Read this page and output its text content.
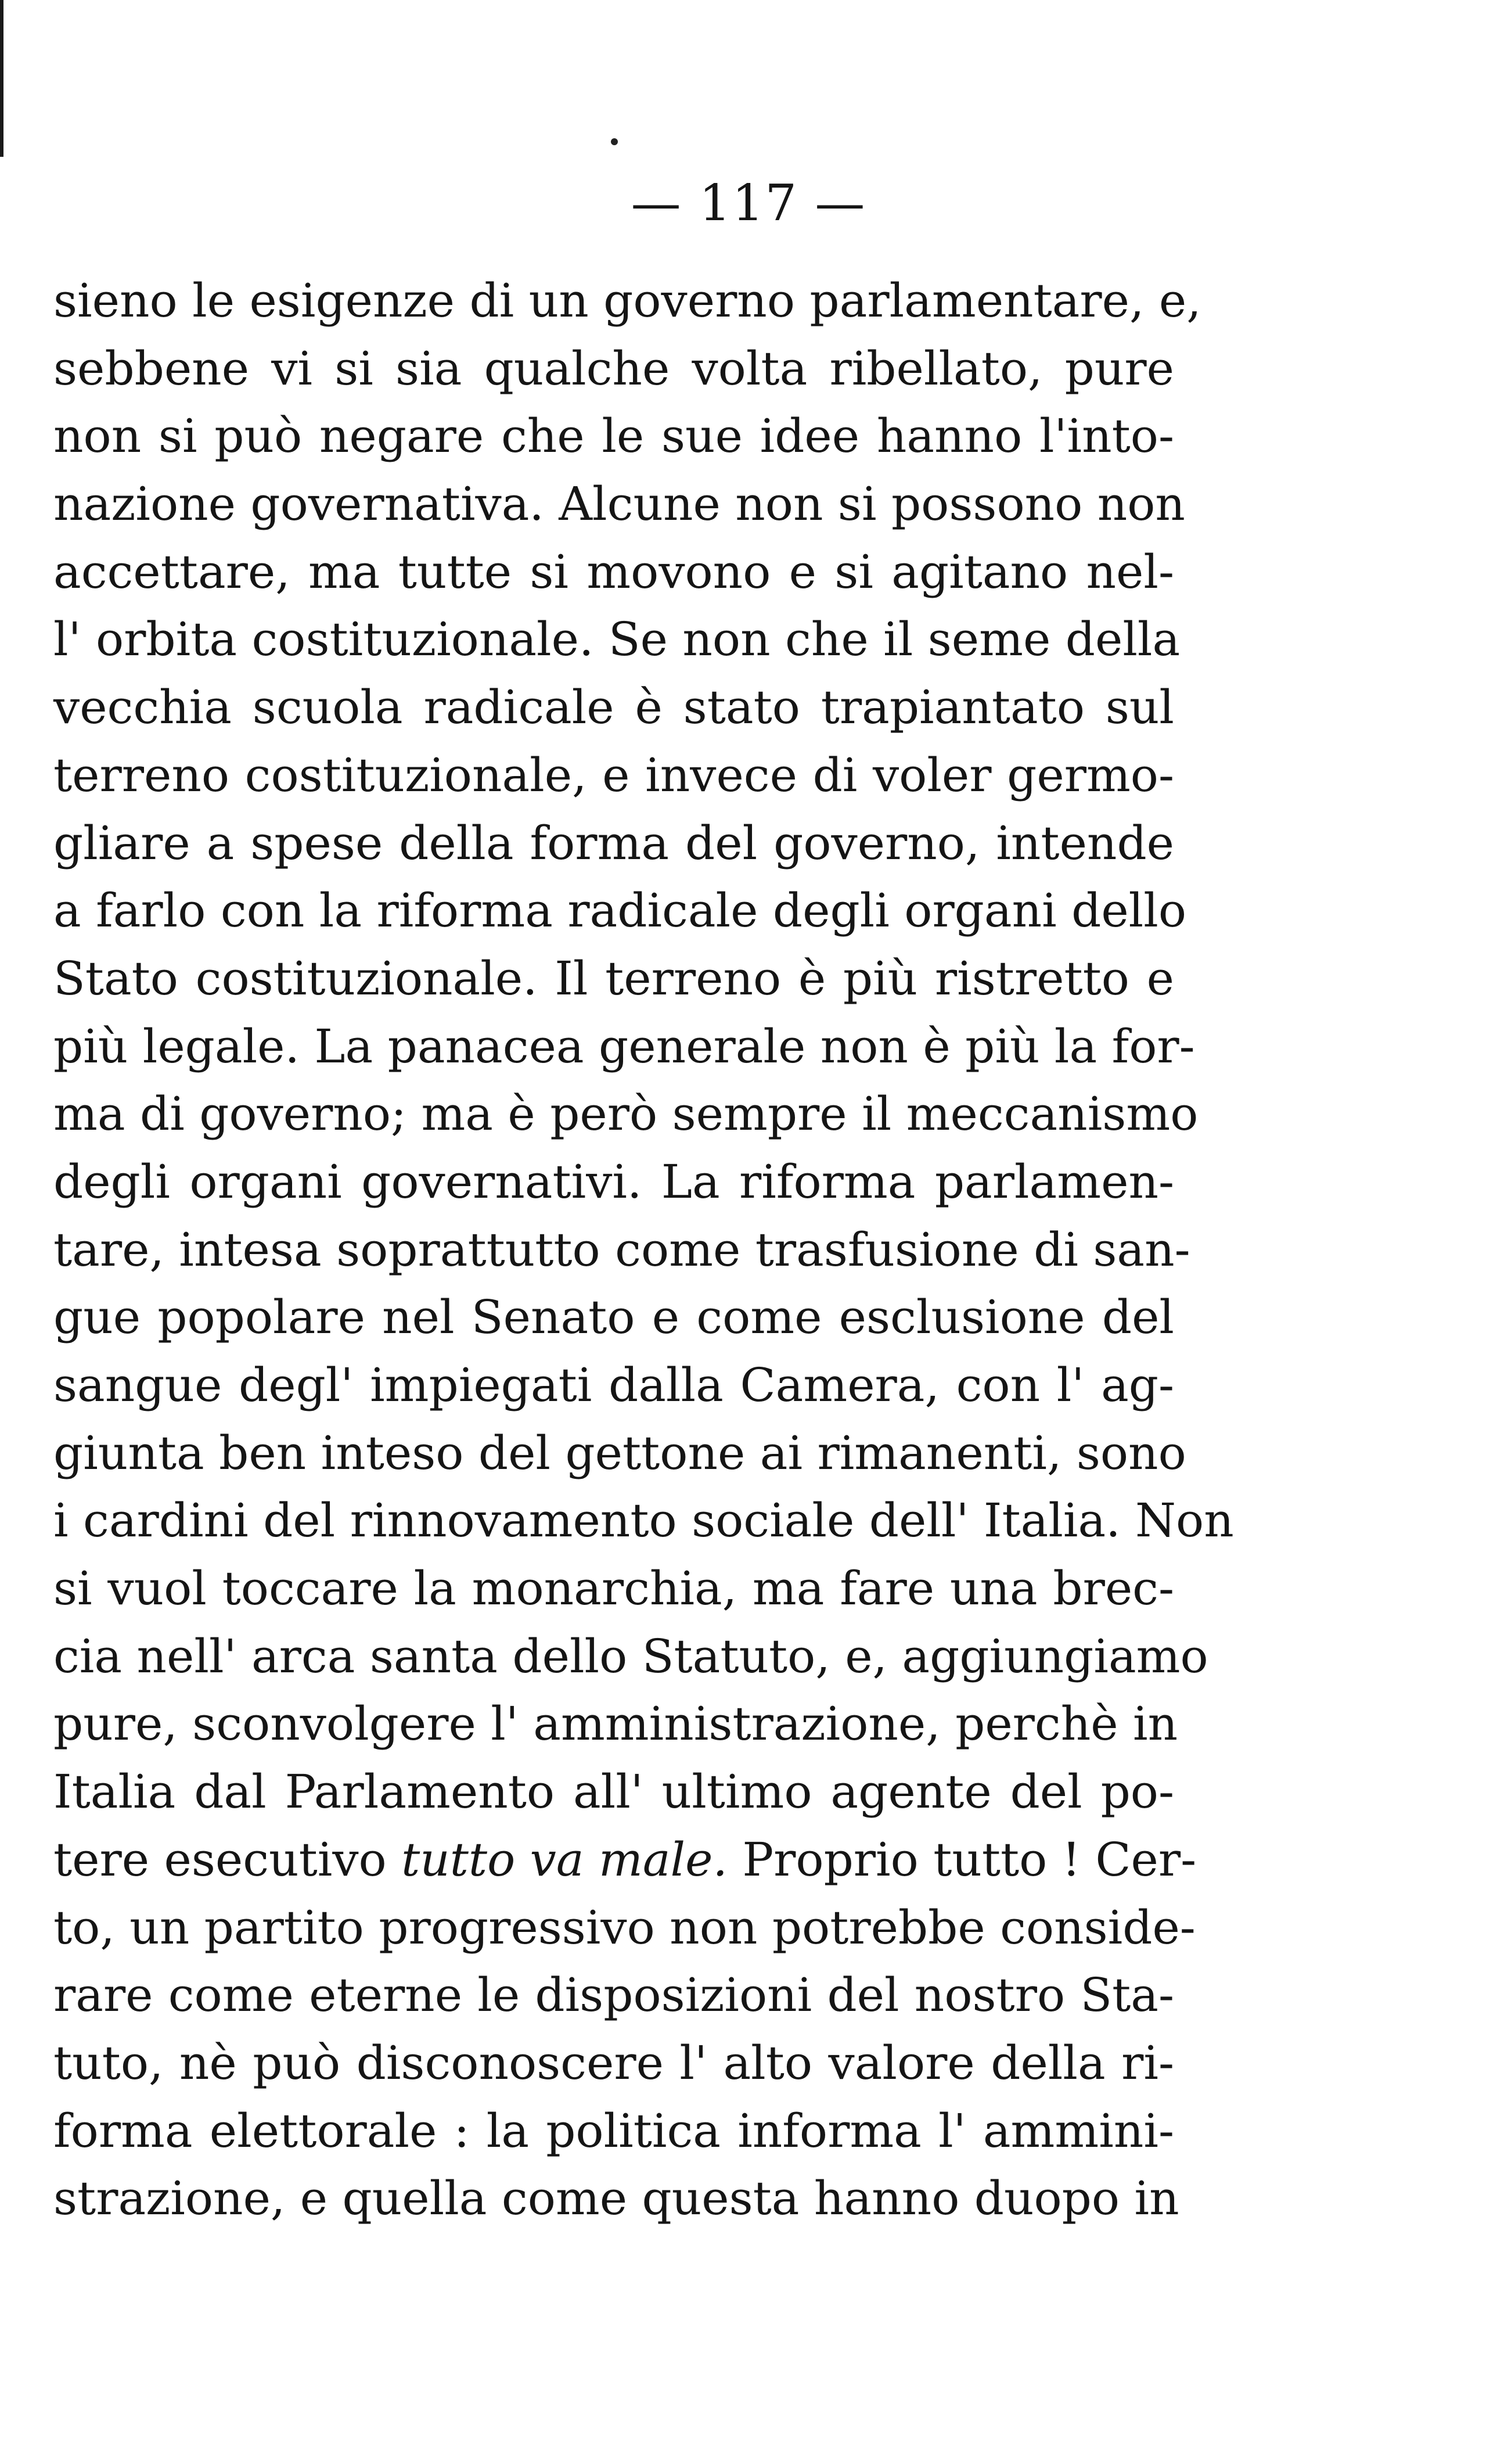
— 117 —
sieno le esigenze di un governo parlamentare, e,
sebbene vi si sia qualche volta ribellato, pure
non si può negare che le sue idee hanno l'into-
nazione governativa. Alcune non si possono non
accettare, ma tutte si movono e si agitano nel-
l' orbita costituzionale. Se non che il seme della
vecchia scuola radicale è stato trapiantato sul
terreno costituzionale, e invece di voler germo-
gliare a spese della forma del governo, intende
a farlo con la riforma radicale degli organi dello
Stato costituzionale. Il terreno è più ristretto e
più legale. La panacea generale non è più la for-
ma di governo; ma è però sempre il meccanismo
degli organi governativi. La riforma parlamen-
tare, intesa soprattutto come trasfusione di san-
gue popolare nel Senato e come esclusione del
sangue degl' impiegati dalla Camera, con l' ag-
giunta ben inteso del gettone ai rimanenti, sono
i cardini del rinnovamento sociale dell' Italia. Non
si vuol toccare la monarchia, ma fare una brec-
cia nell' arca santa dello Statuto, e, aggiungiamo
pure, sconvolgere l' amministrazione, perchè in
Italia dal Parlamento all' ultimo agente del po-
tere esecutivo tutto va male. Proprio tutto ! Cer-
to, un partito progressivo non potrebbe conside-
rare come eterne le disposizioni del nostro Sta-
tuto, nè può disconoscere l' alto valore della ri-
forma elettorale : la politica informa l' ammini-
strazione, e quella come questa hanno duopo in
